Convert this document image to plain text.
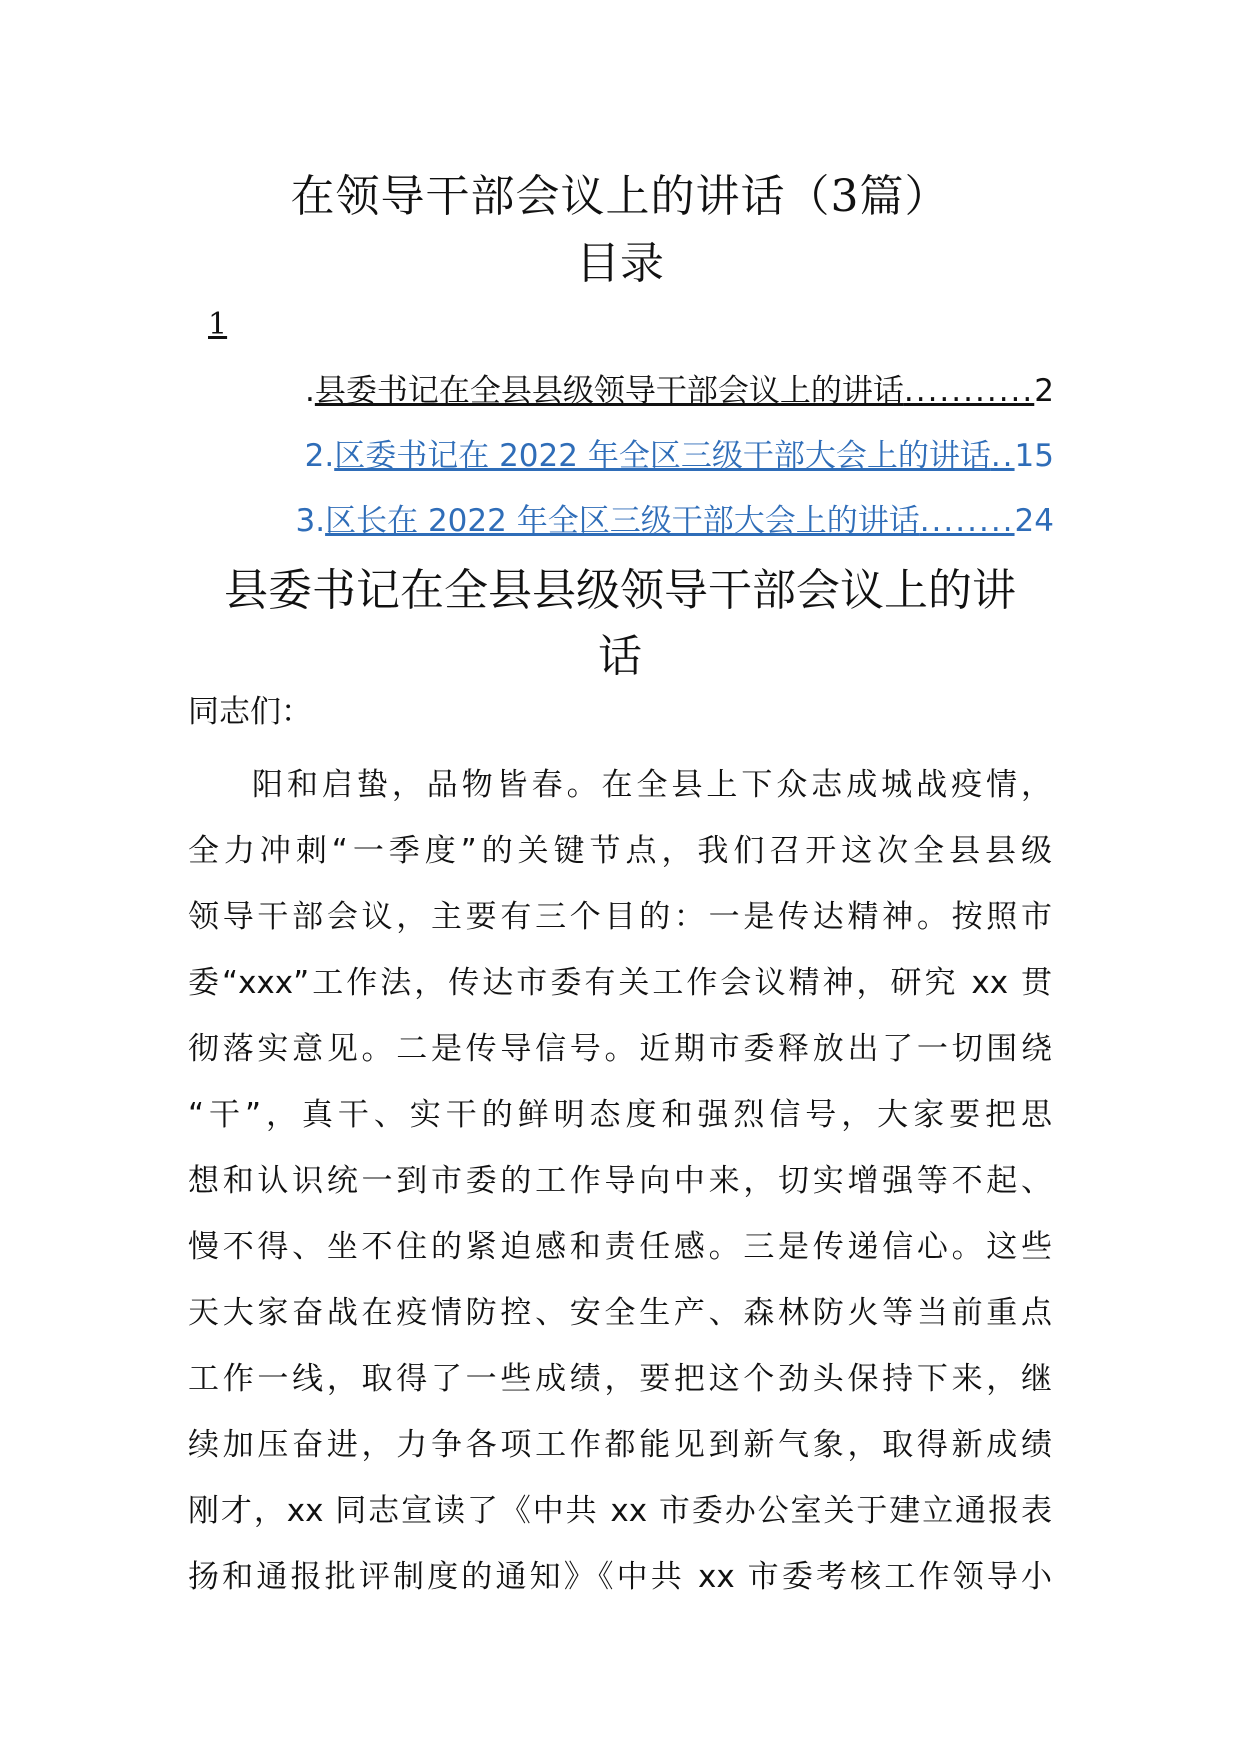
在领导干部会议上的讲话（3篇）
目录
1
. 县委书记在全县县级领导干部会议上的讲话 ........... 2
2. 区委书记在 2022 年全区三级干部大会上的讲话 .. 15
3. 区长在 2022 年全区三级干部大会上的讲话 ........ 24
县委书记在全县县级领导干部会议上的讲
话

同志们：

阳和启蛰，品物皆春。在全县上下众志成城战疫情，
全力冲刺“一季度”的关键节点，我们召开这次全县县级
领导干部会议，主要有三个目的：一是传达精神。按照市
委“xxx”工作法，传达市委有关工作会议精神，研究 xx 贯
彻落实意见。二是传导信号。近期市委释放出了一切围绕
“干”，真干、实干的鲜明态度和强烈信号，大家要把思
想和认识统一到市委的工作导向中来，切实增强等不起、
慢不得、坐不住的紧迫感和责任感。三是传递信心。这些
天大家奋战在疫情防控、安全生产、森林防火等当前重点
工作一线，取得了一些成绩，要把这个劲头保持下来，继
续加压奋进，力争各项工作都能见到新气象，取得新成绩
刚才，xx 同志宣读了《中共 xx 市委办公室关于建立通报表
扬和通报批评制度的通知》《中共 xx 市委考核工作领导小
